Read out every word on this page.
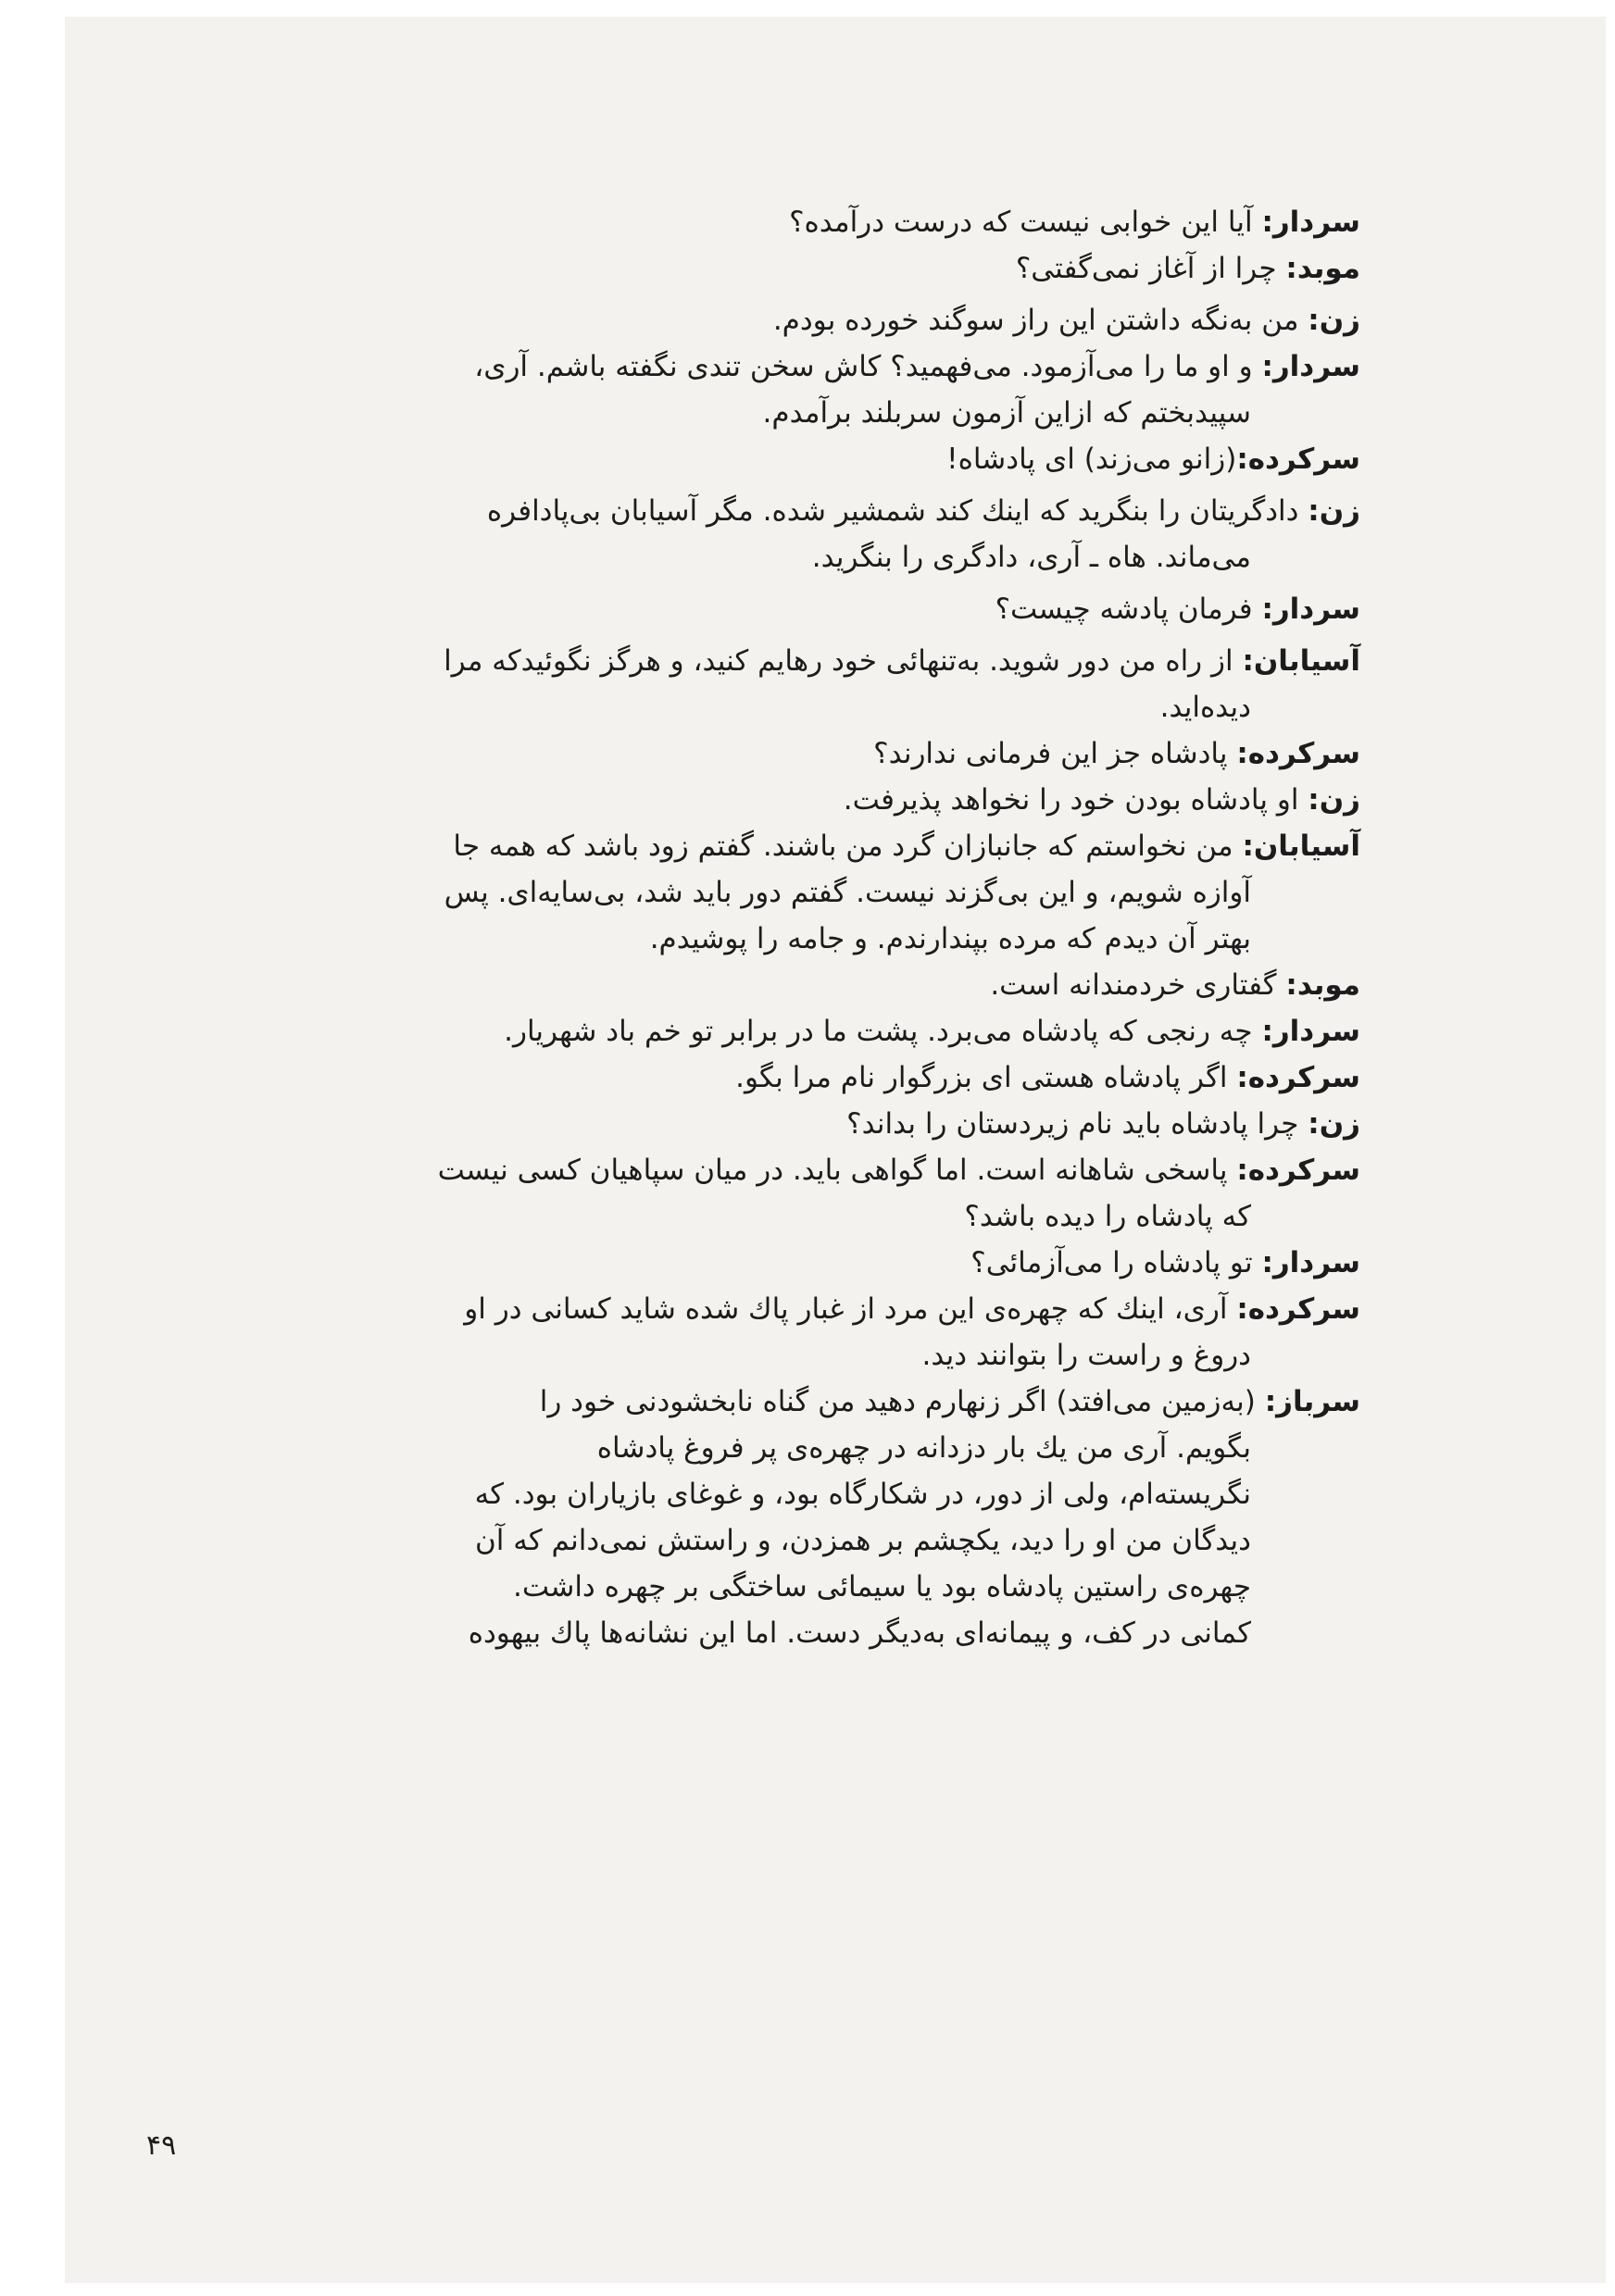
سردار: آیا این خوابی نیست که درست درآمده؟
موبد: چرا از آغاز نمی‌گفتی؟
زن: من به‌نگه داشتن این راز سوگند خورده بودم.
سردار: و او ما را می‌آزمود. می‌فهمید؟ کاش سخن تندی نگفته باشم. آری،
سپیدبختم که ازاین آزمون سربلند برآمدم.
سرکرده:(زانو می‌زند) ای پادشاه!
زن: دادگریتان را بنگرید که اینك کند شمشیر شده. مگر آسیابان بی‌پادافره
می‌ماند. هاه ـ آری، دادگری را بنگرید.
سردار: فرمان پادشه چیست؟
آسیابان: از راه من دور شوید. به‌تنهائی خود رهایم کنید، و هرگز نگوئیدکه مرا
دیده‌اید.
سرکرده: پادشاه جز این فرمانی ندارند؟
زن: او پادشاه بودن خود را نخواهد پذیرفت.
آسیابان: من نخواستم که جانبازان گرد من باشند. گفتم زود باشد که همه جا
آوازه شویم، و این بی‌گزند نیست. گفتم دور باید شد، بی‌سایه‌ای. پس
بهتر آن دیدم که مرده بپندارندم. و جامه را پوشیدم.
موبد: گفتاری خردمندانه است.
سردار: چه رنجی که پادشاه می‌برد. پشت ما در برابر تو خم باد شهریار.
سرکرده: اگر پادشاه هستی ای بزرگوار نام مرا بگو.
زن: چرا پادشاه باید نام زیردستان را بداند؟
سرکرده: پاسخی شاهانه است. اما گواهی باید. در میان سپاهیان کسی نیست
که پادشاه را دیده باشد؟
سردار: تو پادشاه را می‌آزمائی؟
سرکرده: آری، اینك که چهره‌ی این مرد از غبار پاك شده شاید کسانی در او
دروغ و راست را بتوانند دید.
سرباز: (به‌زمین می‌افتد) اگر زنهارم دهید من گناه نابخشودنی خود را
بگویم. آری من یك بار دزدانه در چهره‌ی پر فروغ پادشاه
نگریسته‌ام، ولی از دور، در شکارگاه بود، و غوغای بازیاران بود. که
دیدگان من او را دید، یکچشم بر همزدن، و راستش نمی‌دانم که آن
چهره‌ی راستین پادشاه بود یا سیمائی ساختگی بر چهره داشت.
کمانی در کف، و پیمانه‌ای به‌دیگر دست. اما این نشانه‌ها پاك بیهوده
۴۹
